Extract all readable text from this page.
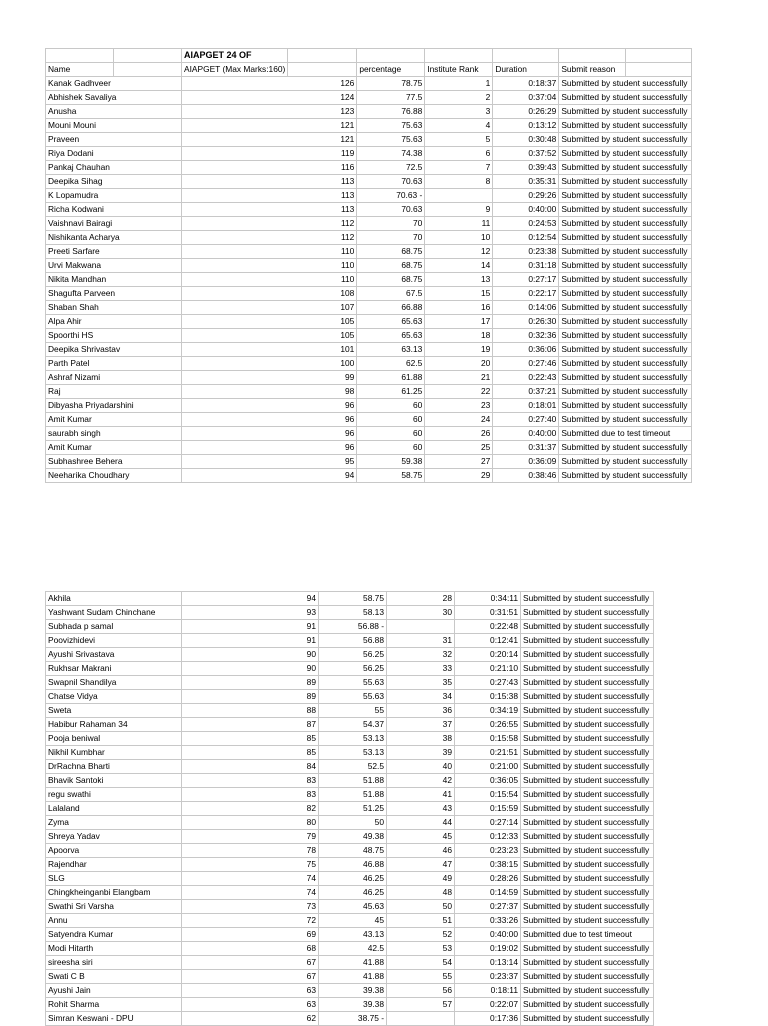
		AIAPGET 24 OF						
Name		AIAPGET (Max Marks:160)		percentage	Institute Rank	Duration	Submit reason	
Kanak Gadhveer		126		78.75	1	0:18:37	Submitted by student successfully	
Abhishek Savaliya		124		77.5	2	0:37:04	Submitted by student successfully	
Anusha		123		76.88	3	0:26:29	Submitted by student successfully	
Mouni Mouni		121		75.63	4	0:13:12	Submitted by student successfully	
Praveen		121		75.63	5	0:30:48	Submitted by student successfully	
Riya Dodani		119		74.38	6	0:37:52	Submitted by student successfully	
Pankaj Chauhan		116		72.5	7	0:39:43	Submitted by student successfully	
Deepika Sihag		113		70.63	8	0:35:31	Submitted by student successfully	
K Lopamudra		113		70.63 -		0:29:26	Submitted by student successfully	
Richa Kodwani		113		70.63	9	0:40:00	Submitted by student successfully	
Vaishnavi Bairagi		112		70	11	0:24:53	Submitted by student successfully	
Nishikanta Acharya		112		70	10	0:12:54	Submitted by student successfully	
Preeti Sarfare		110		68.75	12	0:23:38	Submitted by student successfully	
Urvi Makwana		110		68.75	14	0:31:18	Submitted by student successfully	
Nikita Mandhan		110		68.75	13	0:27:17	Submitted by student successfully	
Shagufta Parveen		108		67.5	15	0:22:17	Submitted by student successfully	
Shaban Shah		107		66.88	16	0:14:06	Submitted by student successfully	
Alpa Ahir		105		65.63	17	0:26:30	Submitted by student successfully	
Spoorthi HS		105		65.63	18	0:32:36	Submitted by student successfully	
Deepika Shrivastav		101		63.13	19	0:36:06	Submitted by student successfully	
Parth Patel		100		62.5	20	0:27:46	Submitted by student successfully	
Ashraf Nizami		99		61.88	21	0:22:43	Submitted by student successfully	
Raj		98		61.25	22	0:37:21	Submitted by student successfully	
Dibyasha Priyadarshini		96		60	23	0:18:01	Submitted by student successfully	
Amit Kumar		96		60	24	0:27:40	Submitted by student successfully	
saurabh singh		96		60	26	0:40:00	Submitted due to test timeout	
Amit Kumar		96		60	25	0:31:37	Submitted by student successfully	
Subhashree Behera		95		59.38	27	0:36:09	Submitted by student successfully	
Neeharika Choudhary		94		58.75	29	0:38:46	Submitted by student successfully	
Akhila	94	58.75	28	0:34:11	Submitted by student successfully
Yashwant Sudam Chinchane	93	58.13	30	0:31:51	Submitted by student successfully
Subhada p samal	91	56.88 -		0:22:48	Submitted by student successfully
Poovizhidevi	91	56.88	31	0:12:41	Submitted by student successfully
Ayushi Srivastava	90	56.25	32	0:20:14	Submitted by student successfully
Rukhsar Makrani	90	56.25	33	0:21:10	Submitted by student successfully
Swapnil Shandilya	89	55.63	35	0:27:43	Submitted by student successfully
Chatse Vidya	89	55.63	34	0:15:38	Submitted by student successfully
Sweta	88	55	36	0:34:19	Submitted by student successfully
Habibur Rahaman 34	87	54.37	37	0:26:55	Submitted by student successfully
Pooja beniwal	85	53.13	38	0:15:58	Submitted by student successfully
Nikhil Kumbhar	85	53.13	39	0:21:51	Submitted by student successfully
DrRachna Bharti	84	52.5	40	0:21:00	Submitted by student successfully
Bhavik Santoki	83	51.88	42	0:36:05	Submitted by student successfully
regu swathi	83	51.88	41	0:15:54	Submitted by student successfully
Lalaland	82	51.25	43	0:15:59	Submitted by student successfully
Zyma	80	50	44	0:27:14	Submitted by student successfully
Shreya Yadav	79	49.38	45	0:12:33	Submitted by student successfully
Apoorva	78	48.75	46	0:23:23	Submitted by student successfully
Rajendhar	75	46.88	47	0:38:15	Submitted by student successfully
SLG	74	46.25	49	0:28:26	Submitted by student successfully
Chingkheinganbi Elangbam	74	46.25	48	0:14:59	Submitted by student successfully
Swathi Sri Varsha	73	45.63	50	0:27:37	Submitted by student successfully
Annu	72	45	51	0:33:26	Submitted by student successfully
Satyendra Kumar	69	43.13	52	0:40:00	Submitted due to test timeout
Modi Hitarth	68	42.5	53	0:19:02	Submitted by student successfully
sireesha siri	67	41.88	54	0:13:14	Submitted by student successfully
Swati C B	67	41.88	55	0:23:37	Submitted by student successfully
Ayushi Jain	63	39.38	56	0:18:11	Submitted by student successfully
Rohit Sharma	63	39.38	57	0:22:07	Submitted by student successfully
Simran Keswani - DPU	62	38.75 -		0:17:36	Submitted by student successfully
